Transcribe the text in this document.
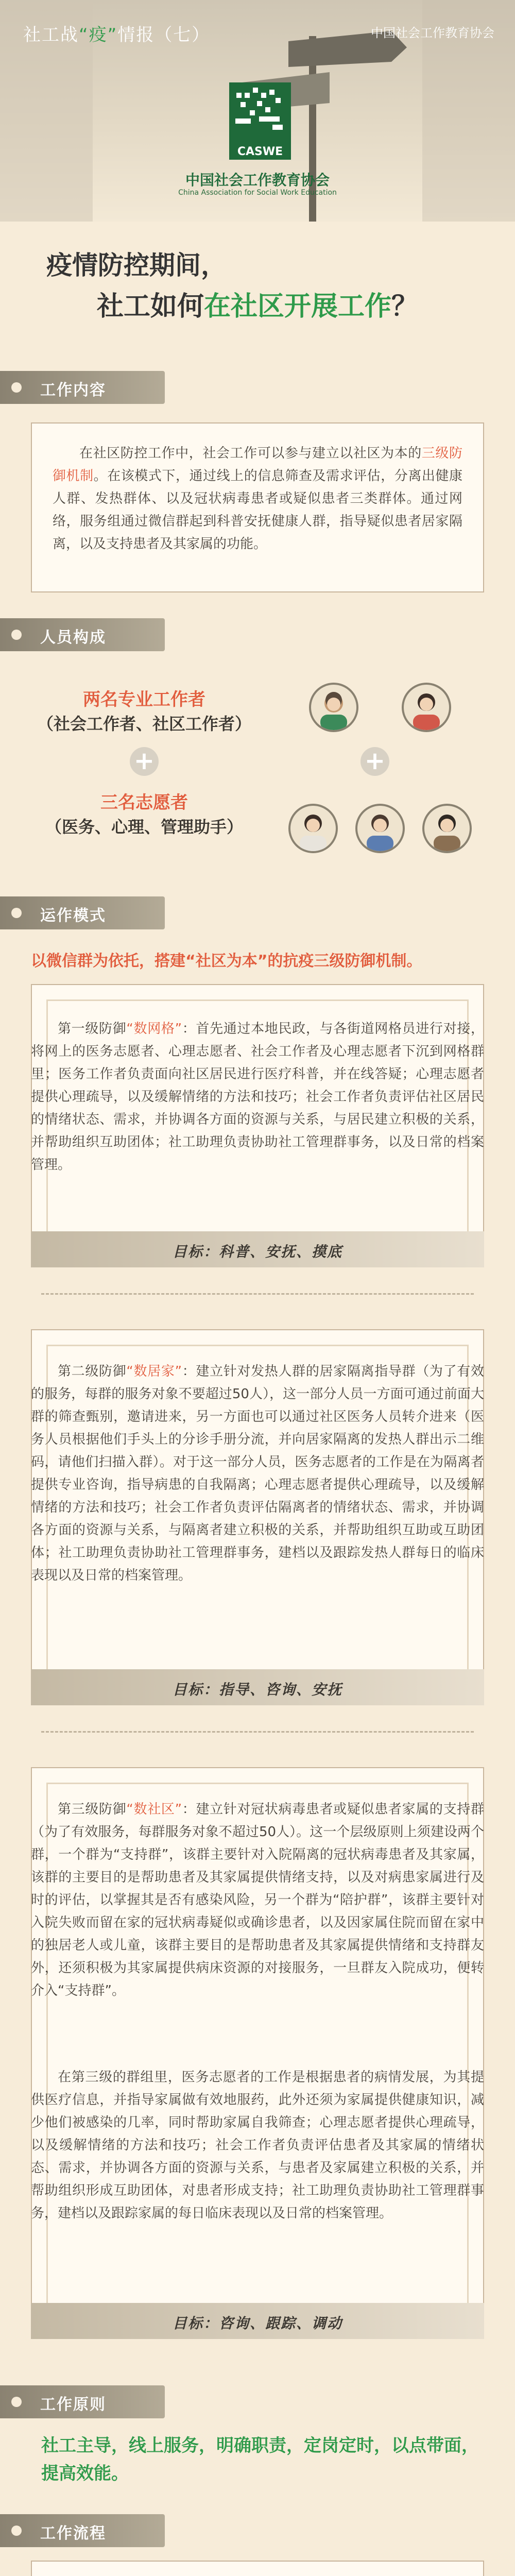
社工战“疫”情报（七）	中国社会工作教育协会
CASWE
中国社会工作教育协会
China Association for Social Work Education
疫情防控期间，
社工如何在社区开展工作？
工作内容

在社区防控工作中，社会工作可以参与建立以社区为本的三级防御机制。在该模式下，通过线上的信息筛查及需求评估，分离出健康人群、发热群体、以及冠状病毒患者或疑似患者三类群体。通过网络，服务组通过微信群起到科普安抚健康人群，指导疑似患者居家隔离，以及支持患者及其家属的功能。

人员构成
两名专业工作者
（社会工作者、社区工作者）
三名志愿者
（医务、心理、管理助手）
+	+
运作模式
以微信群为依托，搭建“社区为本”的抗疫三级防御机制。

第一级防御“数网格”：首先通过本地民政，与各街道网格员进行对接，将网上的医务志愿者、心理志愿者、社会工作者及心理志愿者下沉到网格群里；医务工作者负责面向社区居民进行医疗科普，并在线答疑；心理志愿者提供心理疏导，以及缓解情绪的方法和技巧；社会工作者负责评估社区居民的情绪状态、需求，并协调各方面的资源与关系，与居民建立积极的关系，并帮助组织互助团体；社工助理负责协助社工管理群事务，以及日常的档案管理。

目标：科普、安抚、摸底

第二级防御“数居家”：建立针对发热人群的居家隔离指导群（为了有效的服务，每群的服务对象不要超过50人），这一部分人员一方面可通过前面大群的筛查甄别，邀请进来，另一方面也可以通过社区医务人员转介进来（医务人员根据他们手头上的分诊手册分流，并向居家隔离的发热人群出示二维码，请他们扫描入群）。对于这一部分人员，医务志愿者的工作是在为隔离者提供专业咨询，指导病患的自我隔离；心理志愿者提供心理疏导，以及缓解情绪的方法和技巧；社会工作者负责评估隔离者的情绪状态、需求，并协调各方面的资源与关系，与隔离者建立积极的关系，并帮助组织互助或互助团体；社工助理负责协助社工管理群事务，建档以及跟踪发热人群每日的临床表现以及日常的档案管理。

目标：指导、咨询、安抚

第三级防御“数社区”：建立针对冠状病毒患者或疑似患者家属的支持群（为了有效服务，每群服务对象不超过50人）。这一个层级原则上须建设两个群，一个群为“支持群”，该群主要针对入院隔离的冠状病毒患者及其家属，该群的主要目的是帮助患者及其家属提供情绪支持，以及对病患家属进行及时的评估，以掌握其是否有感染风险，另一个群为“陪护群”，该群主要针对入院失败而留在家的冠状病毒疑似或确诊患者，以及因家属住院而留在家中的独居老人或儿童，该群主要目的是帮助患者及其家属提供情绪和支持群友外，还须积极为其家属提供病床资源的对接服务，一旦群友入院成功，便转介入“支持群”。

在第三级的群组里，医务志愿者的工作是根据患者的病情发展，为其提供医疗信息，并指导家属做有效地服药，此外还须为家属提供健康知识，减少他们被感染的几率，同时帮助家属自我筛查；心理志愿者提供心理疏导，以及缓解情绪的方法和技巧；社会工作者负责评估患者及其家属的情绪状态、需求，并协调各方面的资源与关系，与患者及家属建立积极的关系，并帮助组织形成互助团体，对患者形成支持；社工助理负责协助社工管理群事务，建档以及跟踪家属的每日临床表现以及日常的档案管理。

目标：咨询、跟踪、调动
工作原则
社工主导，线上服务，明确职责，定岗定时，以点带面，提高效能。
工作流程
